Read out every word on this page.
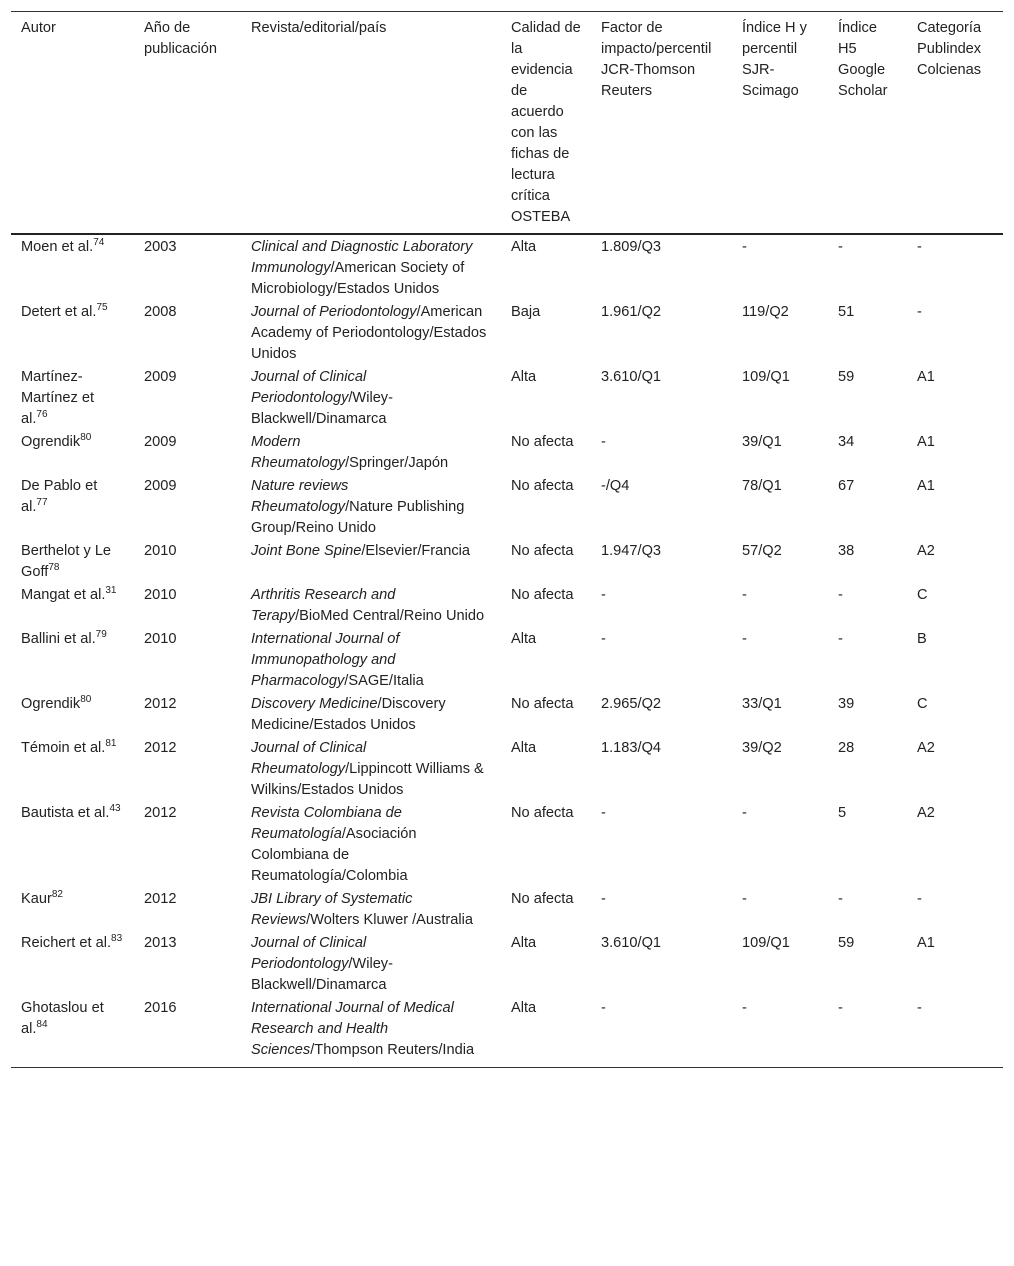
Autor	Año de publicación	Revista/editorial/país	Calidad de la evidencia de acuerdo con las fichas de lectura crítica OSTEBA	Factor de impacto/percentil JCR-Thomson Reuters	Índice H y percentil SJR-Scimago	Índice H5 Google Scholar	Categoría Publindex Colcienas
Moen et al.$^{74}$	2003	Clinical and Diagnostic Laboratory Immunology/American Society of Microbiology/Estados Unidos	Alta	1.809/Q3	-	-	-
Detert et al.$^{75}$	2008	Journal of Periodontology/American Academy of Periodontology/Estados Unidos	Baja	1.961/Q2	119/Q2	51	-
Martínez-Martínez et al.$^{76}$	2009	Journal of Clinical Periodontology/Wiley-Blackwell/Dinamarca	Alta	3.610/Q1	109/Q1	59	A1
Ogrendik$^{80}$	2009	Modern Rheumatology/Springer/Japón	No afecta	-	39/Q1	34	A1
De Pablo et al.$^{77}$	2009	Nature reviews Rheumatology/Nature Publishing Group/Reino Unido	No afecta	-/Q4	78/Q1	67	A1
Berthelot y Le Goff$^{78}$	2010	Joint Bone Spine/Elsevier/Francia	No afecta	1.947/Q3	57/Q2	38	A2
Mangat et al.$^{31}$	2010	Arthritis Research and Terapy/BioMed Central/Reino Unido	No afecta	-	-	-	C
Ballini et al.$^{79}$	2010	International Journal of Immunopathology and Pharmacology/SAGE/Italia	Alta	-	-	-	B
Ogrendik$^{80}$	2012	Discovery Medicine/Discovery Medicine/Estados Unidos	No afecta	2.965/Q2	33/Q1	39	C
Témoin et al.$^{81}$	2012	Journal of Clinical Rheumatology/Lippincott Williams & Wilkins/Estados Unidos	Alta	1.183/Q4	39/Q2	28	A2
Bautista et al.$^{43}$	2012	Revista Colombiana de Reumatología/Asociación Colombiana de Reumatología/Colombia	No afecta	-	-	5	A2
Kaur$^{82}$	2012	JBI Library of Systematic Reviews/Wolters Kluwer /Australia	No afecta	-	-	-	-
Reichert et al.$^{83}$	2013	Journal of Clinical Periodontology/Wiley-Blackwell/Dinamarca	Alta	3.610/Q1	109/Q1	59	A1
Ghotaslou et al.$^{84}$	2016	International Journal of Medical Research and Health Sciences/Thompson Reuters/India	Alta	-	-	-	-
